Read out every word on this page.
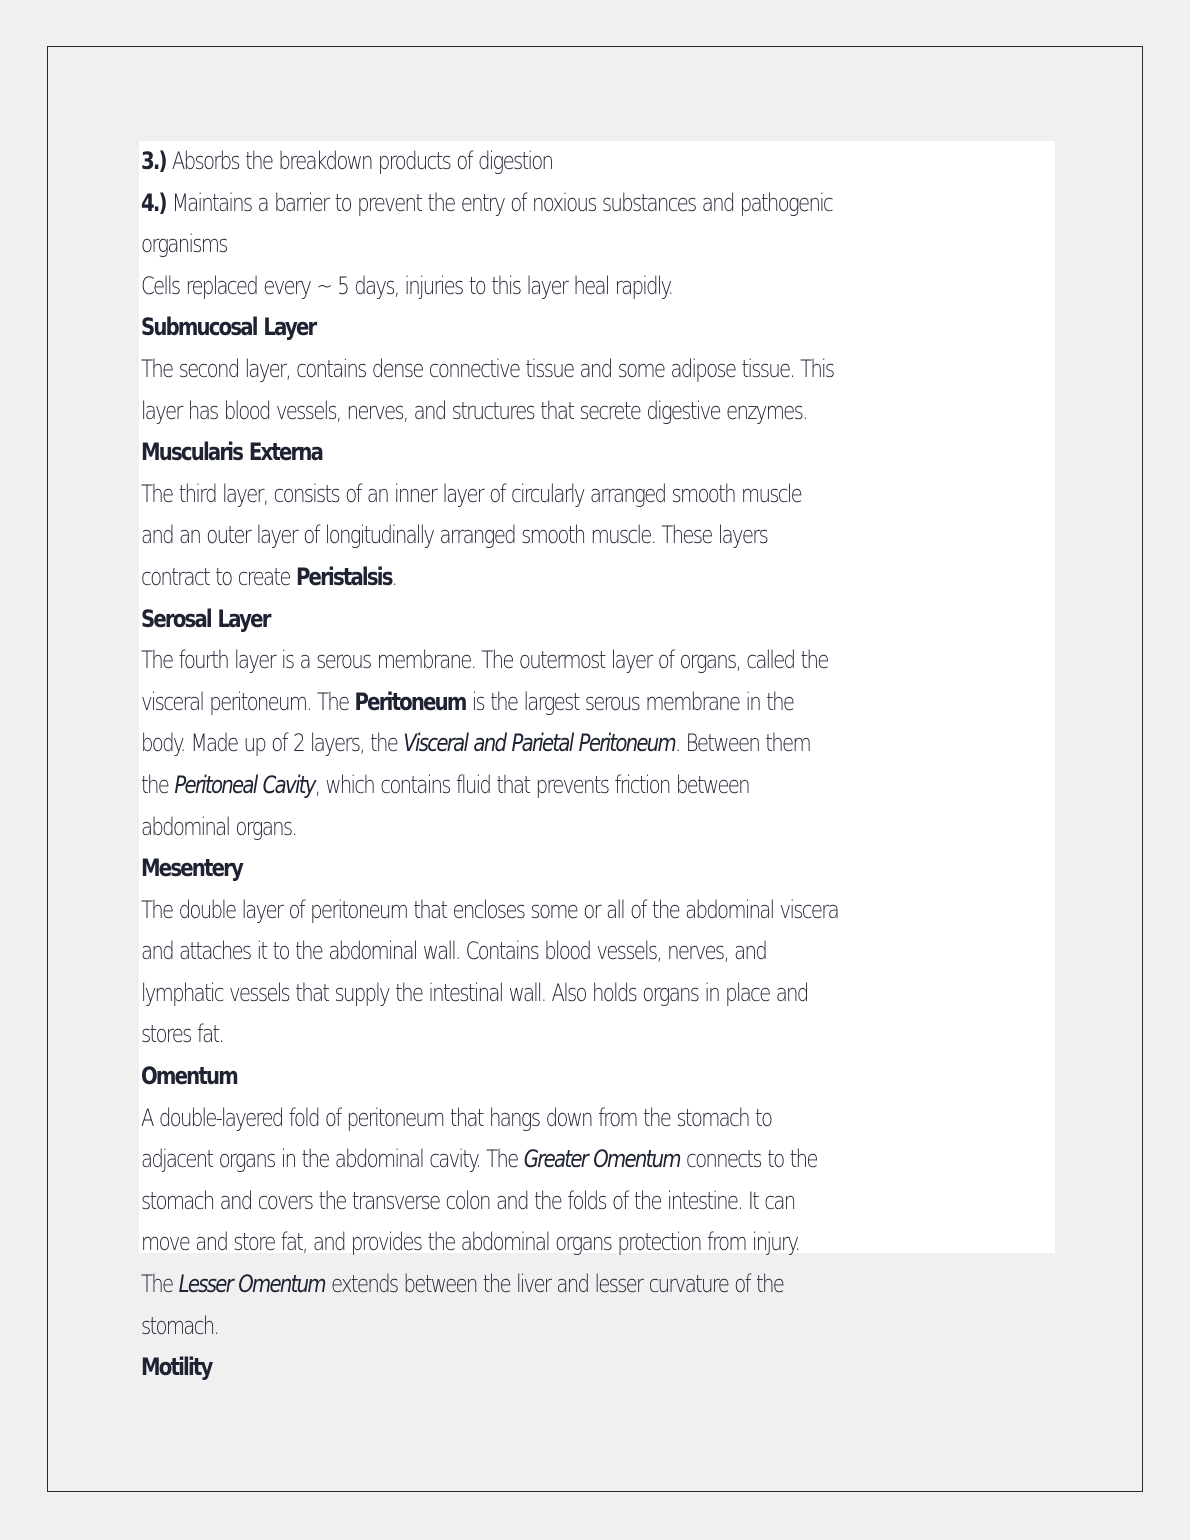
3.) Absorbs the breakdown products of digestion
4.) Maintains a barrier to prevent the entry of noxious substances and pathogenic
organisms
Cells replaced every ~ 5 days, injuries to this layer heal rapidly.
Submucosal Layer
The second layer, contains dense connective tissue and some adipose tissue. This
layer has blood vessels, nerves, and structures that secrete digestive enzymes.
Muscularis Externa
The third layer, consists of an inner layer of circularly arranged smooth muscle
and an outer layer of longitudinally arranged smooth muscle. These layers
contract to create Peristalsis.
Serosal Layer
The fourth layer is a serous membrane. The outermost layer of organs, called the
visceral peritoneum. The Peritoneum is the largest serous membrane in the
body. Made up of 2 layers, the Visceral and Parietal Peritoneum. Between them
the Peritoneal Cavity, which contains fluid that prevents friction between
abdominal organs.
Mesentery
The double layer of peritoneum that encloses some or all of the abdominal viscera
and attaches it to the abdominal wall. Contains blood vessels, nerves, and
lymphatic vessels that supply the intestinal wall. Also holds organs in place and
stores fat.
Omentum
A double-layered fold of peritoneum that hangs down from the stomach to
adjacent organs in the abdominal cavity. The Greater Omentum connects to the
stomach and covers the transverse colon and the folds of the intestine. It can
move and store fat, and provides the abdominal organs protection from injury.
The Lesser Omentum extends between the liver and lesser curvature of the
stomach.
Motility
